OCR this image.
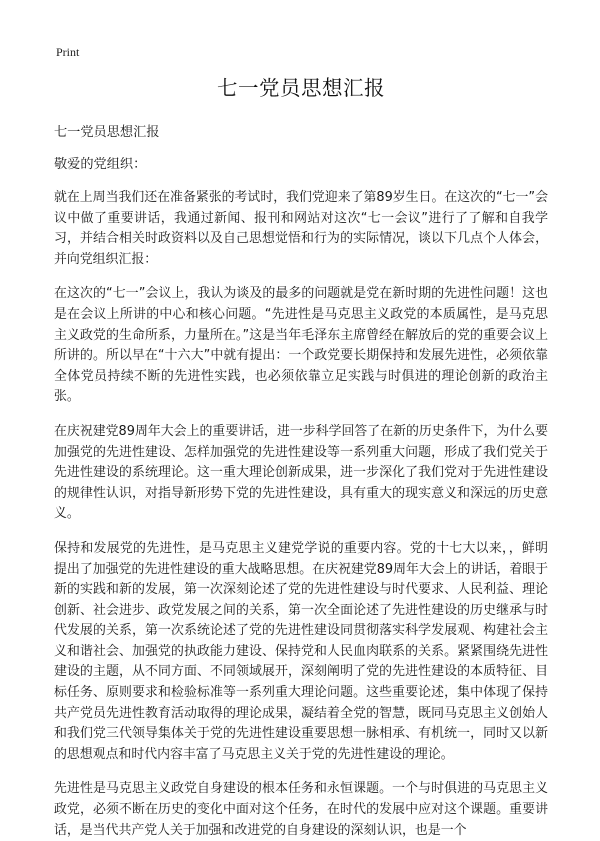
Print
七一党员思想汇报

七一党员思想汇报

敬爱的党组织：

就在上周当我们还在准备紧张的考试时，我们党迎来了第89岁生日。在这次的“七一”会议中做了重要讲话，我通过新闻、报刊和网站对这次“七一会议”进行了了解和自我学习，并结合相关时政资料以及自己思想觉悟和行为的实际情况，谈以下几点个人体会，并向党组织汇报：

在这次的“七一”会议上，我认为谈及的最多的问题就是党在新时期的先进性问题！这也是在会议上所讲的中心和核心问题。“先进性是马克思主义政党的本质属性，是马克思主义政党的生命所系，力量所在。”这是当年毛泽东主席曾经在解放后的党的重要会议上所讲的。所以早在“十六大”中就有提出：一个政党要长期保持和发展先进性，必须依靠全体党员持续不断的先进性实践，也必须依靠立足实践与时俱进的理论创新的政治主张。

在庆祝建党89周年大会上的重要讲话，进一步科学回答了在新的历史条件下，为什么要加强党的先进性建设、怎样加强党的先进性建设等一系列重大问题，形成了我们党关于先进性建设的系统理论。这一重大理论创新成果，进一步深化了我们党对于先进性建设的规律性认识，对指导新形势下党的先进性建设，具有重大的现实意义和深远的历史意义。

保持和发展党的先进性，是马克思主义建党学说的重要内容。党的十七大以来，，鲜明提出了加强党的先进性建设的重大战略思想。在庆祝建党89周年大会上的讲话，着眼于新的实践和新的发展，第一次深刻论述了党的先进性建设与时代要求、人民利益、理论创新、社会进步、政党发展之间的关系，第一次全面论述了先进性建设的历史继承与时代发展的关系，第一次系统论述了党的先进性建设同贯彻落实科学发展观、构建社会主义和谐社会、加强党的执政能力建设、保持党和人民血肉联系的关系。紧紧围绕先进性建设的主题，从不同方面、不同领域展开，深刻阐明了党的先进性建设的本质特征、目标任务、原则要求和检验标准等一系列重大理论问题。这些重要论述，集中体现了保持共产党员先进性教育活动取得的理论成果，凝结着全党的智慧，既同马克思主义创始人和我们党三代领导集体关于党的先进性建设重要思想一脉相承、有机统一，同时又以新的思想观点和时代内容丰富了马克思主义关于党的先进性建设的理论。

先进性是马克思主义政党自身建设的根本任务和永恒课题。一个与时俱进的马克思主义政党，必须不断在历史的变化中面对这个任务，在时代的发展中应对这个课题。重要讲话，是当代共产党人关于加强和改进党的自身建设的深刻认识，也是一个
